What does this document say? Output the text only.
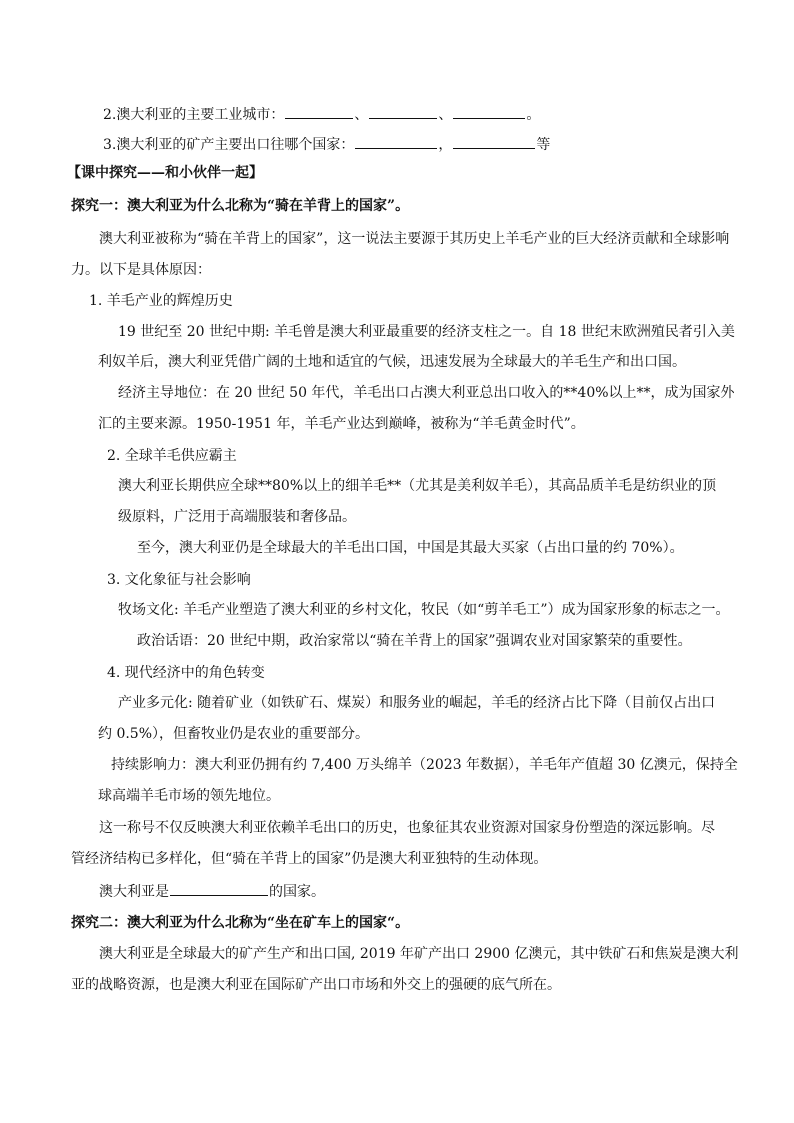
2.澳大利亚的主要工业城市：	、	、	。
3.澳大利亚的矿产主要出口往哪个国家：	，	等
【课中探究——和小伙伴一起】
探究一：澳大利亚为什么北称为“骑在羊背上的国家”。
澳大利亚被称为“骑在羊背上的国家”，这一说法主要源于其历史上羊毛产业的巨大经济贡献和全球影响
力。以下是具体原因：
1. 羊毛产业的辉煌历史
19 世纪至 20 世纪中期: 羊毛曾是澳大利亚最重要的经济支柱之一。自 18 世纪末欧洲殖民者引入美
利奴羊后，澳大利亚凭借广阔的土地和适宜的气候，迅速发展为全球最大的羊毛生产和出口国。
经济主导地位：在 20 世纪 50 年代，羊毛出口占澳大利亚总出口收入的**40%以上**，成为国家外
汇的主要来源。1950-1951 年，羊毛产业达到巅峰，被称为“羊毛黄金时代”。
2. 全球羊毛供应霸主
澳大利亚长期供应全球**80%以上的细羊毛**（尤其是美利奴羊毛），其高品质羊毛是纺织业的顶
级原料，广泛用于高端服装和奢侈品。
至今，澳大利亚仍是全球最大的羊毛出口国，中国是其最大买家（占出口量的约 70%）。
3. 文化象征与社会影响
牧场文化: 羊毛产业塑造了澳大利亚的乡村文化，牧民（如“剪羊毛工”）成为国家形象的标志之一。
政治话语：20 世纪中期，政治家常以“骑在羊背上的国家”强调农业对国家繁荣的重要性。
4. 现代经济中的角色转变
产业多元化: 随着矿业（如铁矿石、煤炭）和服务业的崛起，羊毛的经济占比下降（目前仅占出口
约 0.5%），但畜牧业仍是农业的重要部分。
持续影响力：澳大利亚仍拥有约 7,400 万头绵羊（2023 年数据），羊毛年产值超 30 亿澳元，保持全
球高端羊毛市场的领先地位。
这一称号不仅反映澳大利亚依赖羊毛出口的历史，也象征其农业资源对国家身份塑造的深远影响。尽
管经济结构已多样化，但“骑在羊背上的国家”仍是澳大利亚独特的生动体现。
澳大利亚是	的国家。
探究二：澳大利亚为什么北称为“坐在矿车上的国家“。
澳大利亚是全球最大的矿产生产和出口国, 2019 年矿产出口 2900 亿澳元，其中铁矿石和焦炭是澳大利
亚的战略资源，也是澳大利亚在国际矿产出口市场和外交上的强硬的底气所在。
